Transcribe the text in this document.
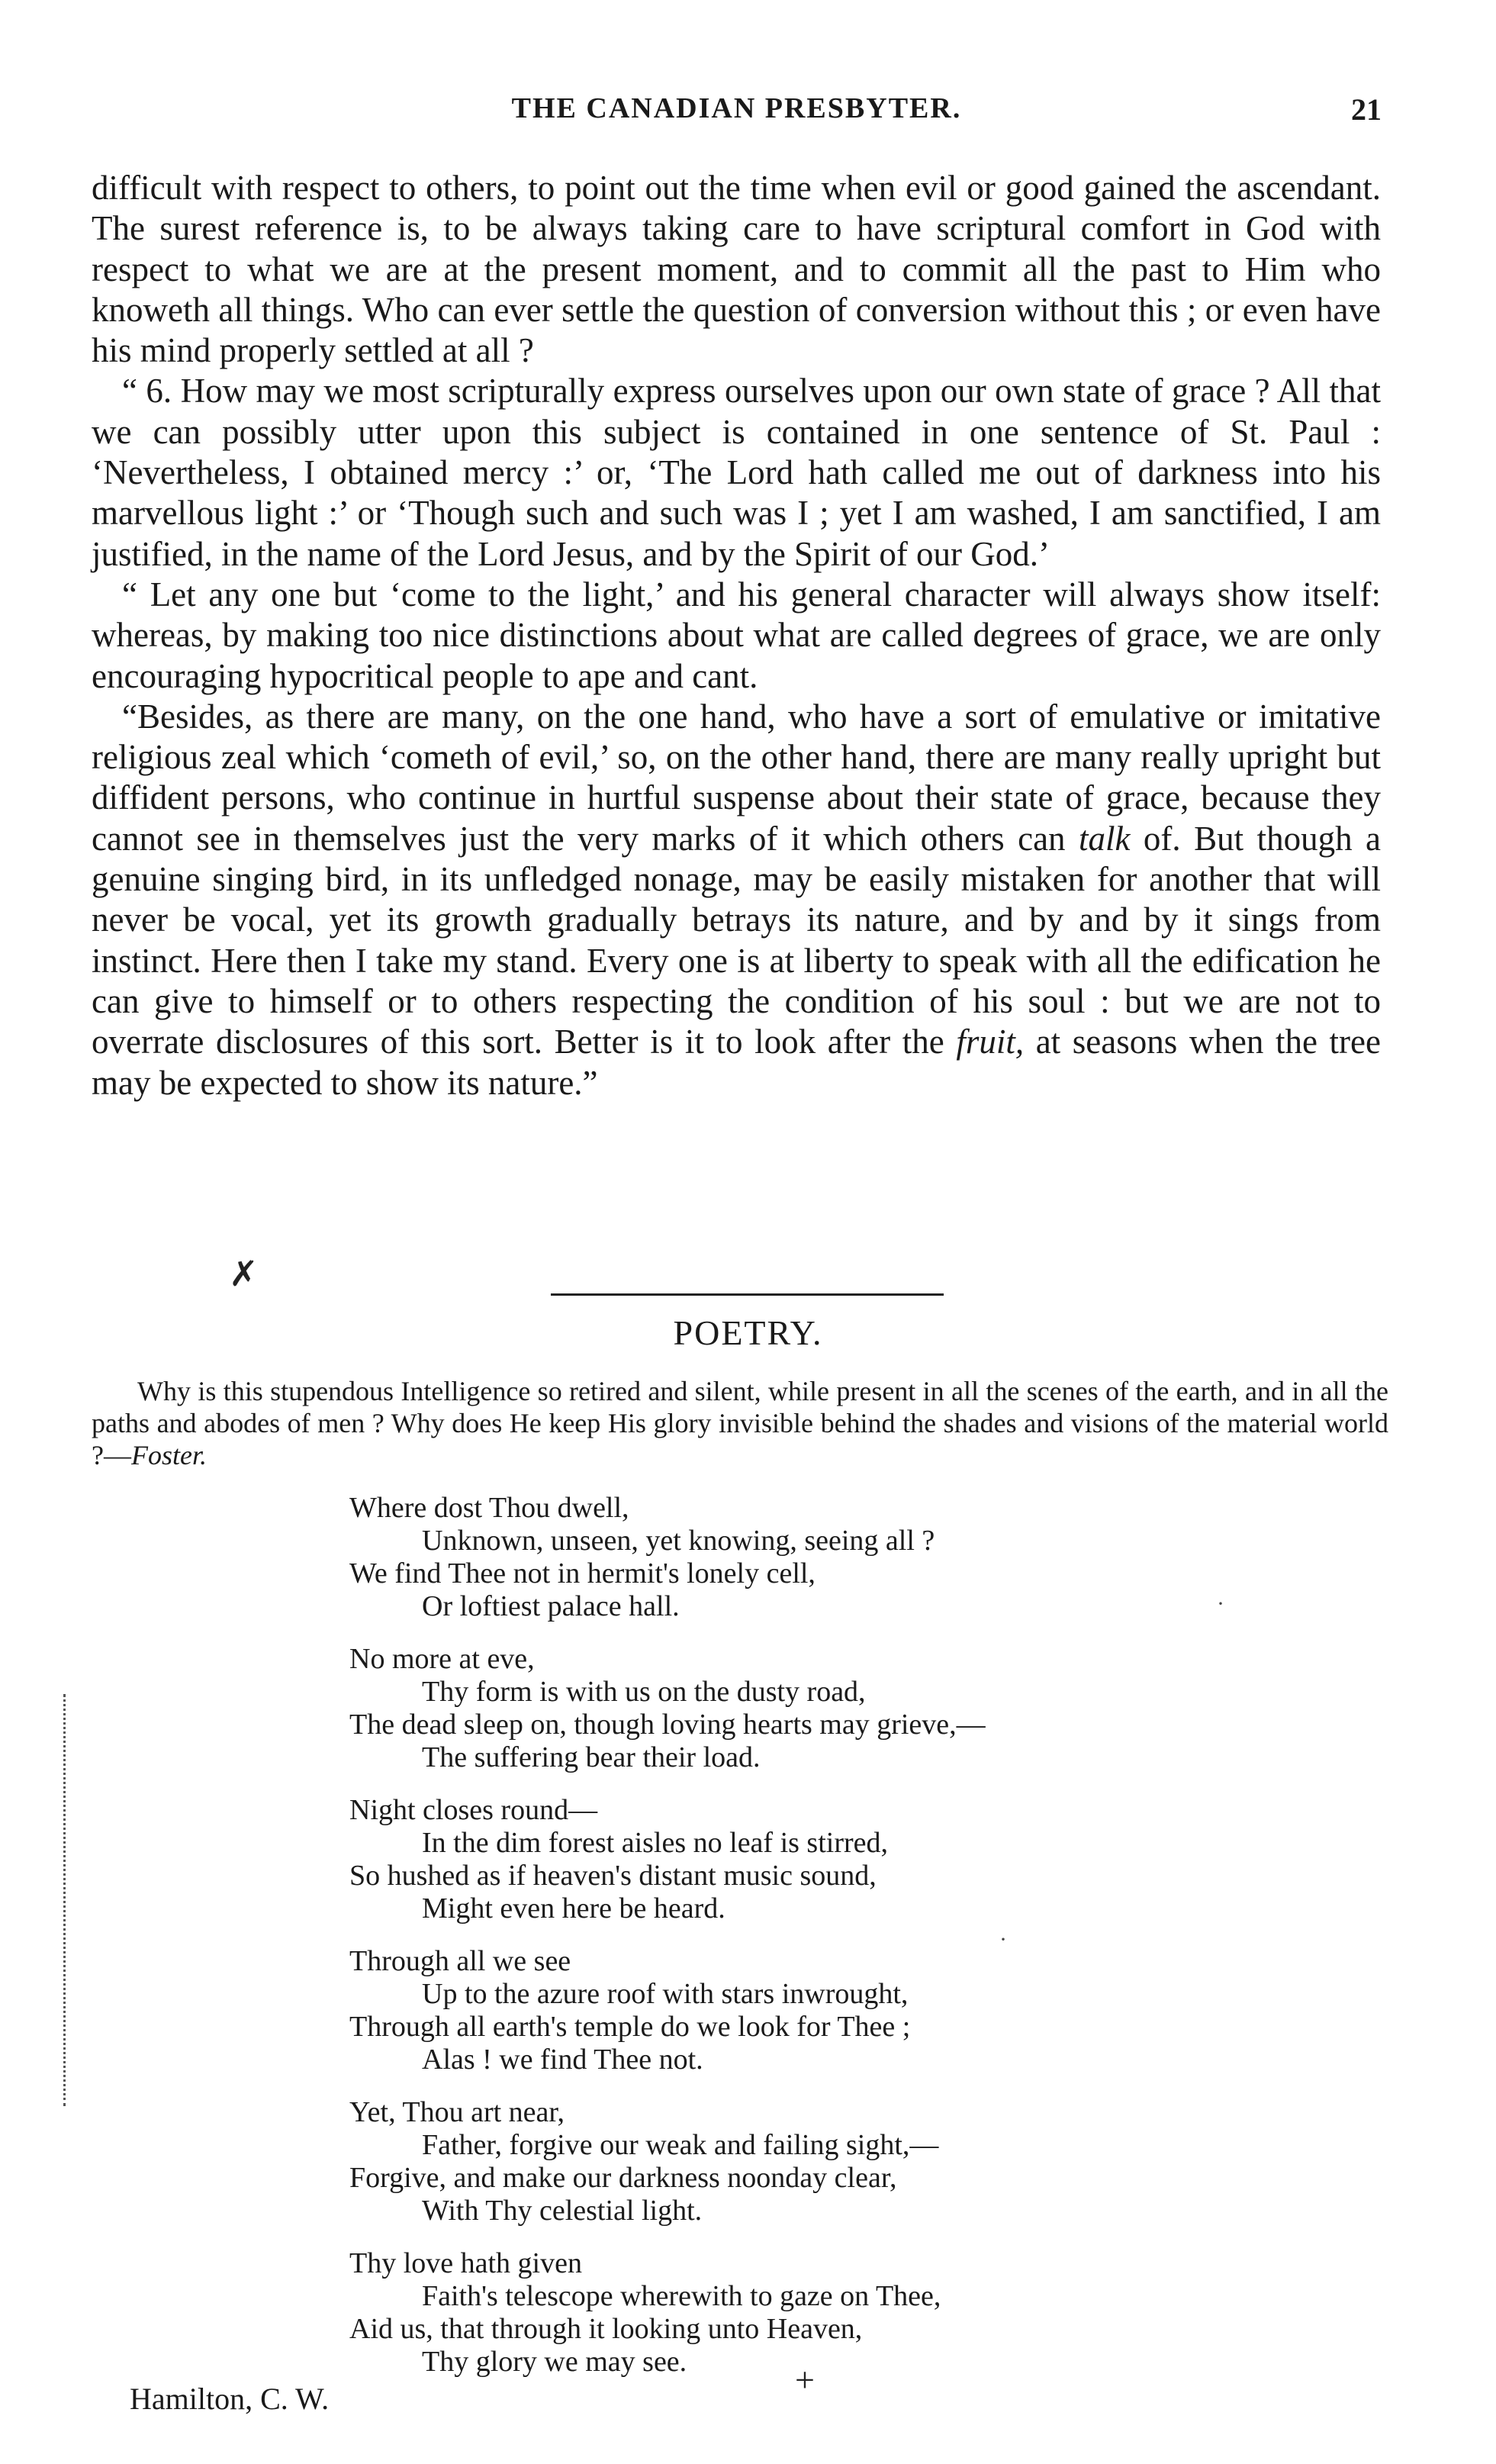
THE CANADIAN PRESBYTER.	21

difficult with respect to others, to point out the time when evil or good gained the ascendant. The surest reference is, to be always taking care to have scriptural comfort in God with respect to what we are at the present moment, and to commit all the past to Him who knoweth all things. Who can ever settle the question of conversion without this ; or even have his mind properly settled at all ?

“ 6. How may we most scripturally express ourselves upon our own state of grace ? All that we can possibly utter upon this subject is contained in one sentence of St. Paul : ‘Nevertheless, I obtained mercy :’ or, ‘The Lord hath called me out of darkness into his marvellous light :’ or ‘Though such and such was I ; yet I am washed, I am sanctified, I am justified, in the name of the Lord Jesus, and by the Spirit of our God.’

“ Let any one but ‘come to the light,’ and his general character will always show itself: whereas, by making too nice distinctions about what are called degrees of grace, we are only encouraging hypocritical people to ape and cant.

“Besides, as there are many, on the one hand, who have a sort of emulative or imitative religious zeal which ‘cometh of evil,’ so, on the other hand, there are many really upright but diffident persons, who continue in hurtful suspense about their state of grace, because they cannot see in themselves just the very marks of it which others can talk of. But though a genuine singing bird, in its unfledged nonage, may be easily mistaken for another that will never be vocal, yet its growth gradually betrays its nature, and by and by it sings from instinct. Here then I take my stand. Every one is at liberty to speak with all the edification he can give to himself or to others respecting the condition of his soul : but we are not to overrate disclosures of this sort. Better is it to look after the fruit, at seasons when the tree may be expected to show its nature.”

✗
POETRY.
Why is this stupendous Intelligence so retired and silent, while present in all the scenes of the earth, and in all the paths and abodes of men ? Why does He keep His glory invisible behind the shades and visions of the material world ?—Foster.
Where dost Thou dwell,
Unknown, unseen, yet knowing, seeing all ?
We find Thee not in hermit's lonely cell,
Or loftiest palace hall.
No more at eve,
Thy form is with us on the dusty road,
The dead sleep on, though loving hearts may grieve,—
The suffering bear their load.
Night closes round—
In the dim forest aisles no leaf is stirred,
So hushed as if heaven's distant music sound,
Might even here be heard.
Through all we see
Up to the azure roof with stars inwrought,
Through all earth's temple do we look for Thee ;
Alas ! we find Thee not.
Yet, Thou art near,
Father, forgive our weak and failing sight,—
Forgive, and make our darkness noonday clear,
With Thy celestial light.
Thy love hath given
Faith's telescope wherewith to gaze on Thee,
Aid us, that through it looking unto Heaven,
Thy glory we may see.	+
Hamilton, C. W.
·
·
